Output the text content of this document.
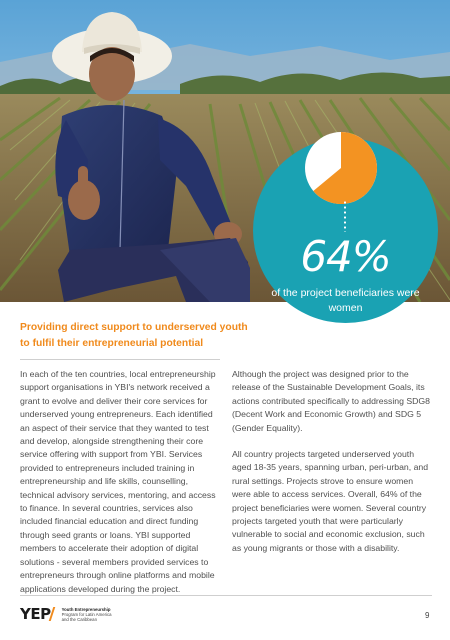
64%
of the project beneficiaries were women
Providing direct support to underserved youth to fulfil their entrepreneurial potential

In each of the ten countries, local entrepreneurship support organisations in YBI's network received a grant to evolve and deliver their core services for underserved young entrepreneurs. Each identified an aspect of their service that they wanted to test and develop, alongside strengthening their core service offering with support from YBI. Services provided to entrepreneurs included training in entrepreneurship and life skills, counselling, technical advisory services, mentoring, and access to finance. In several countries, services also included financial education and direct funding through seed grants or loans. YBI supported members to accelerate their adoption of digital solutions - several members provided services to entrepreneurs through online platforms and mobile applications developed during the project.

Although the project was designed prior to the release of the Sustainable Development Goals, its actions contributed specifically to addressing SDG8 (Decent Work and Economic Growth) and SDG 5 (Gender Equality).

All country projects targeted underserved youth aged 18-35 years, spanning urban, peri-urban, and rural settings. Projects strove to ensure women were able to access services. Overall, 64% of the project beneficiaries were women. Several country projects targeted youth that were particularly vulnerable to social and economic exclusion, such as young migrants or those with a disability.

YEP	Youth Entrepreneurship
Program for Latin America
and the Caribbean	9
